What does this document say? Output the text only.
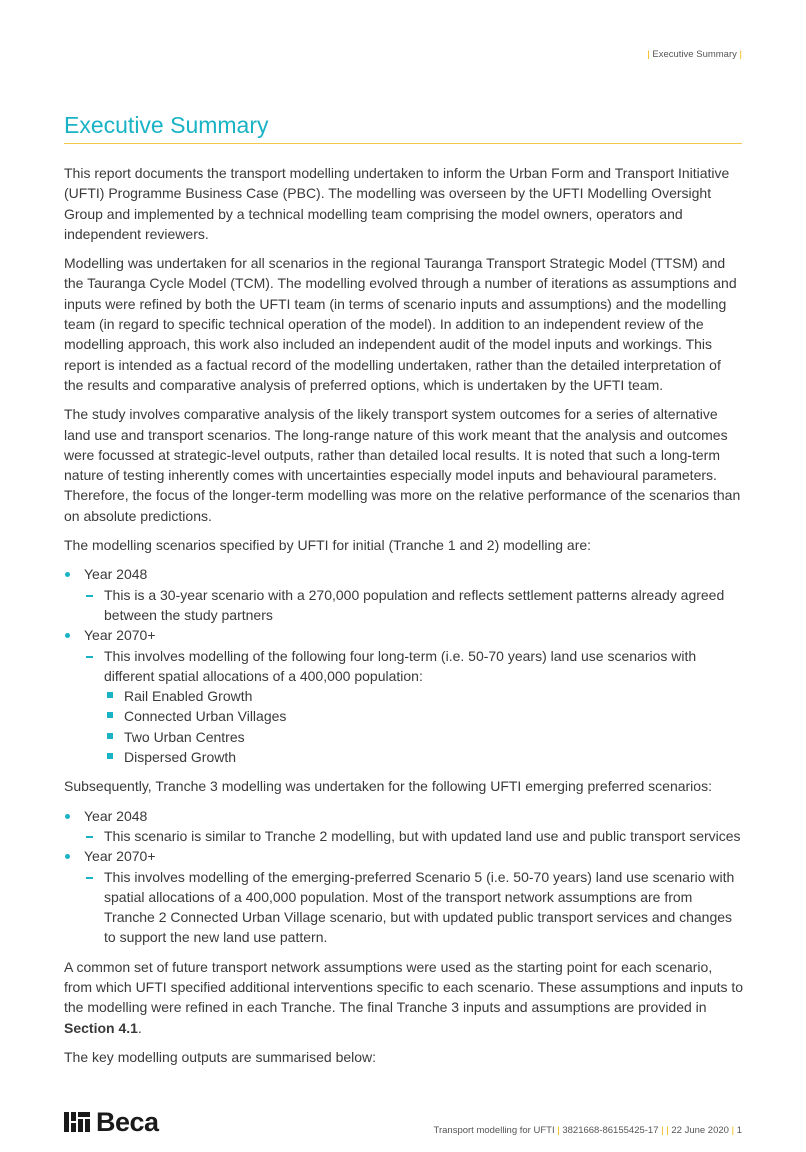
| Executive Summary |
Executive Summary

This report documents the transport modelling undertaken to inform the Urban Form and Transport Initiative (UFTI) Programme Business Case (PBC). The modelling was overseen by the UFTI Modelling Oversight Group and implemented by a technical modelling team comprising the model owners, operators and independent reviewers.

Modelling was undertaken for all scenarios in the regional Tauranga Transport Strategic Model (TTSM) and the Tauranga Cycle Model (TCM). The modelling evolved through a number of iterations as assumptions and inputs were refined by both the UFTI team (in terms of scenario inputs and assumptions) and the modelling team (in regard to specific technical operation of the model). In addition to an independent review of the modelling approach, this work also included an independent audit of the model inputs and workings. This report is intended as a factual record of the modelling undertaken, rather than the detailed interpretation of the results and comparative analysis of preferred options, which is undertaken by the UFTI team.

The study involves comparative analysis of the likely transport system outcomes for a series of alternative land use and transport scenarios. The long-range nature of this work meant that the analysis and outcomes were focussed at strategic-level outputs, rather than detailed local results. It is noted that such a long-term nature of testing inherently comes with uncertainties especially model inputs and behavioural parameters. Therefore, the focus of the longer-term modelling was more on the relative performance of the scenarios than on absolute predictions.

The modelling scenarios specified by UFTI for initial (Tranche 1 and 2) modelling are:

Year 2048
This is a 30-year scenario with a 270,000 population and reflects settlement patterns already agreed between the study partners
Year 2070+
This involves modelling of the following four long-term (i.e. 50-70 years) land use scenarios with different spatial allocations of a 400,000 population:
Rail Enabled Growth
Connected Urban Villages
Two Urban Centres
Dispersed Growth

Subsequently, Tranche 3 modelling was undertaken for the following UFTI emerging preferred scenarios:

Year 2048
This scenario is similar to Tranche 2 modelling, but with updated land use and public transport services
Year 2070+
This involves modelling of the emerging-preferred Scenario 5 (i.e. 50-70 years) land use scenario with spatial allocations of a 400,000 population. Most of the transport network assumptions are from Tranche 2 Connected Urban Village scenario, but with updated public transport services and changes to support the new land use pattern.

A common set of future transport network assumptions were used as the starting point for each scenario, from which UFTI specified additional interventions specific to each scenario. These assumptions and inputs to the modelling were refined in each Tranche. The final Tranche 3 inputs and assumptions are provided in Section 4.1.

The key modelling outputs are summarised below:

Beca	Transport modelling for UFTI | 3821668-86155425-17 | | 22 June 2020 | 1
